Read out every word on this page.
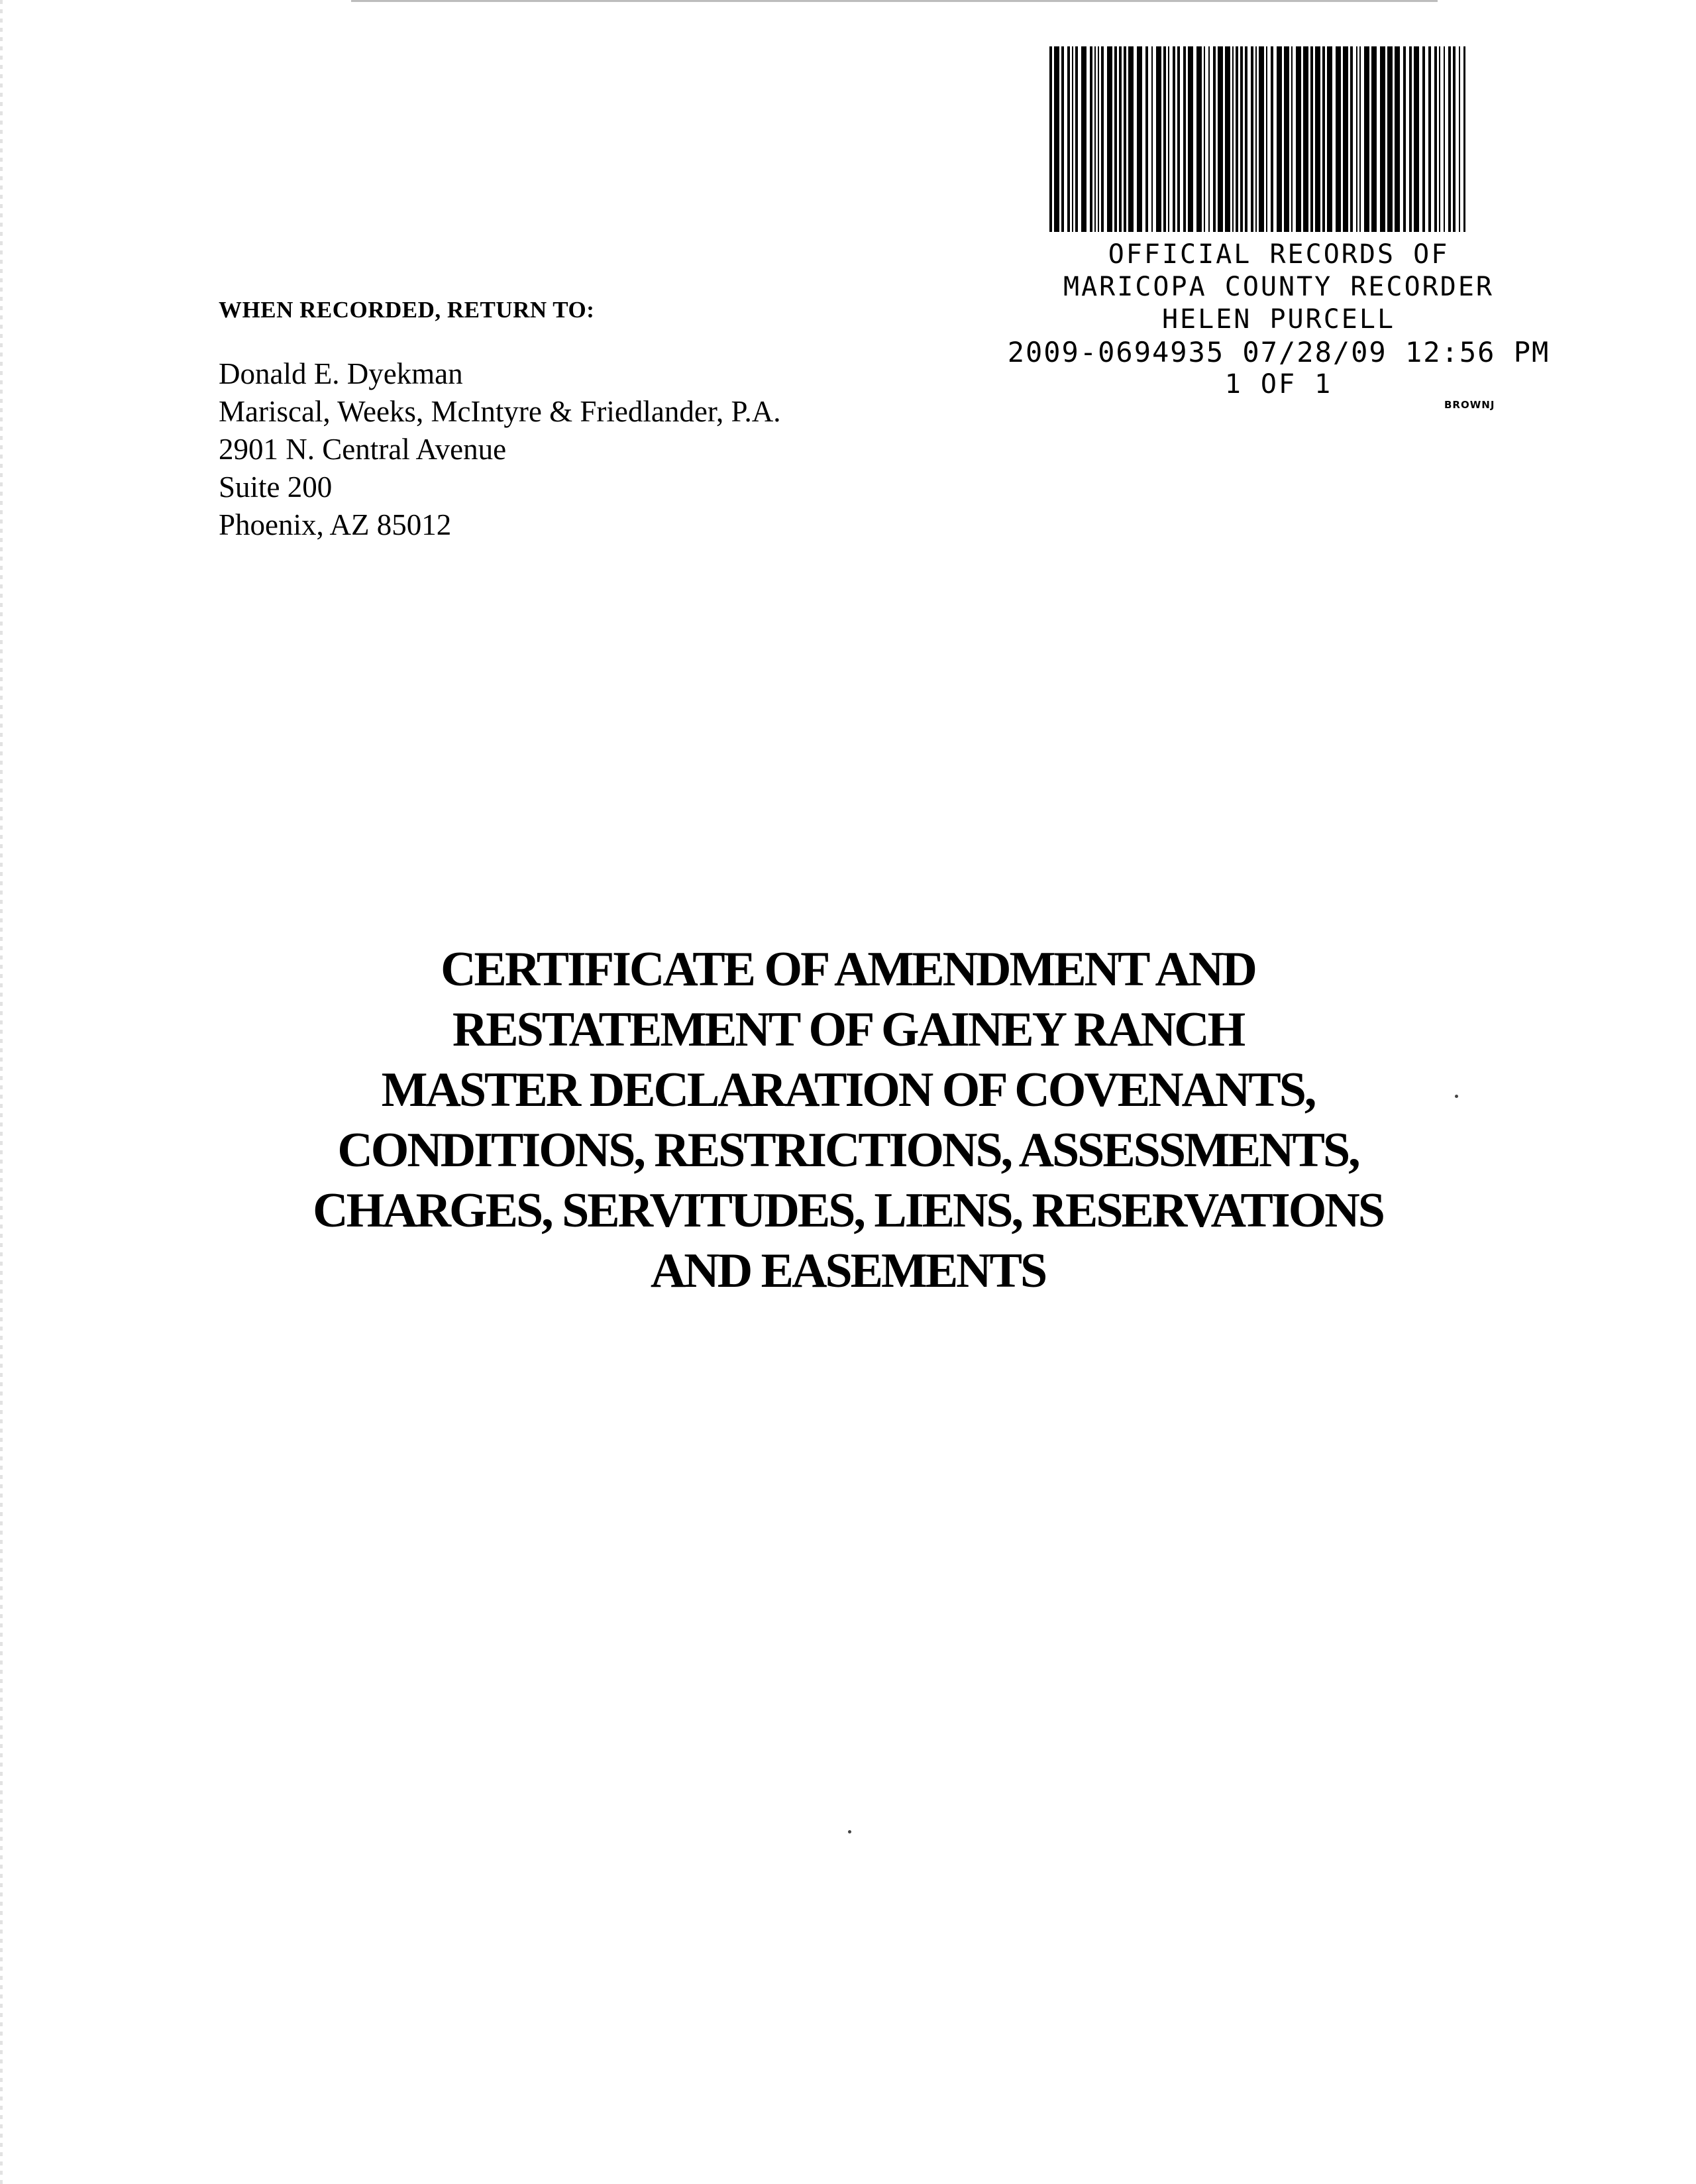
OFFICIAL RECORDS OF
MARICOPA COUNTY RECORDER
HELEN PURCELL
2009-0694935 07/28/09 12:56 PM
1 OF 1
BROWNJ
WHEN RECORDED, RETURN TO:
Donald E. Dyekman
Mariscal, Weeks, McIntyre & Friedlander, P.A.
2901 N. Central Avenue
Suite 200
Phoenix, AZ 85012
CERTIFICATE OF AMENDMENT AND
RESTATEMENT OF GAINEY RANCH
MASTER DECLARATION OF COVENANTS,
CONDITIONS, RESTRICTIONS, ASSESSMENTS,
CHARGES, SERVITUDES, LIENS, RESERVATIONS
AND EASEMENTS
